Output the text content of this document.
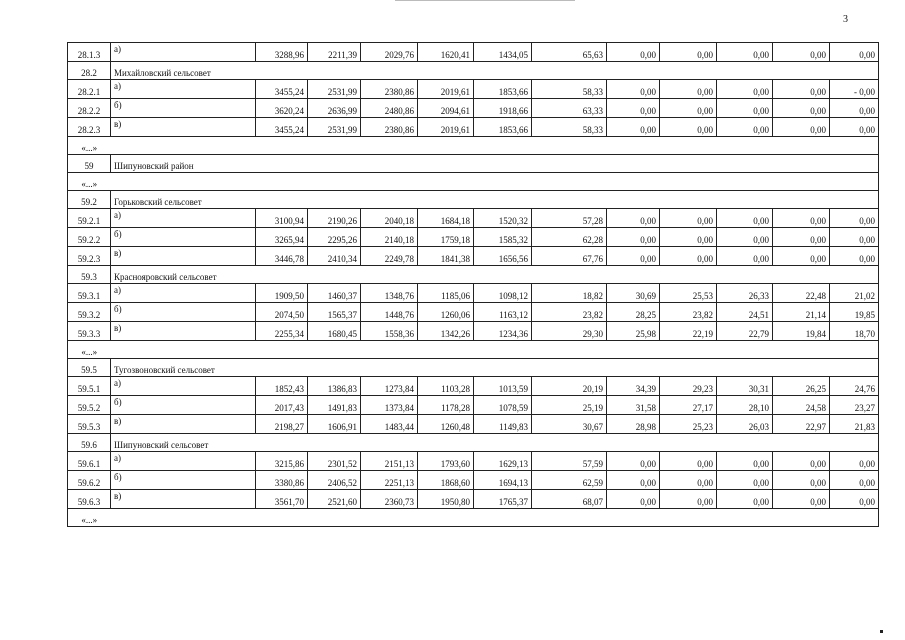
3
28.1.3	а)	3288,96	2211,39	2029,76	1620,41	1434,05	65,63	0,00	0,00	0,00	0,00	0,00
28.2	Михайловский сельсовет											
28.2.1	а)	3455,24	2531,99	2380,86	2019,61	1853,66	58,33	0,00	0,00	0,00	0,00	- 0,00
28.2.2	б)	3620,24	2636,99	2480,86	2094,61	1918,66	63,33	0,00	0,00	0,00	0,00	0,00
28.2.3	в)	3455,24	2531,99	2380,86	2019,61	1853,66	58,33	0,00	0,00	0,00	0,00	0,00
«...»												
59	Шипуновский район											
«...»												
59.2	Горьковский сельсовет											
59.2.1	а)	3100,94	2190,26	2040,18	1684,18	1520,32	57,28	0,00	0,00	0,00	0,00	0,00
59.2.2	б)	3265,94	2295,26	2140,18	1759,18	1585,32	62,28	0,00	0,00	0,00	0,00	0,00
59.2.3	в)	3446,78	2410,34	2249,78	1841,38	1656,56	67,76	0,00	0,00	0,00	0,00	0,00
59.3	Краснояровский сельсовет											
59.3.1	а)	1909,50	1460,37	1348,76	1185,06	1098,12	18,82	30,69	25,53	26,33	22,48	21,02
59.3.2	б)	2074,50	1565,37	1448,76	1260,06	1163,12	23,82	28,25	23,82	24,51	21,14	19,85
59.3.3	в)	2255,34	1680,45	1558,36	1342,26	1234,36	29,30	25,98	22,19	22,79	19,84	18,70
«...»												
59.5	Тугозвоновский сельсовет											
59.5.1	а)	1852,43	1386,83	1273,84	1103,28	1013,59	20,19	34,39	29,23	30,31	26,25	24,76
59.5.2	б)	2017,43	1491,83	1373,84	1178,28	1078,59	25,19	31,58	27,17	28,10	24,58	23,27
59.5.3	в)	2198,27	1606,91	1483,44	1260,48	1149,83	30,67	28,98	25,23	26,03	22,97	21,83
59.6	Шипуновский сельсовет											
59.6.1	а)	3215,86	2301,52	2151,13	1793,60	1629,13	57,59	0,00	0,00	0,00	0,00	0,00
59.6.2	б)	3380,86	2406,52	2251,13	1868,60	1694,13	62,59	0,00	0,00	0,00	0,00	0,00
59.6.3	в)	3561,70	2521,60	2360,73	1950,80	1765,37	68,07	0,00	0,00	0,00	0,00	0,00
«...»												
